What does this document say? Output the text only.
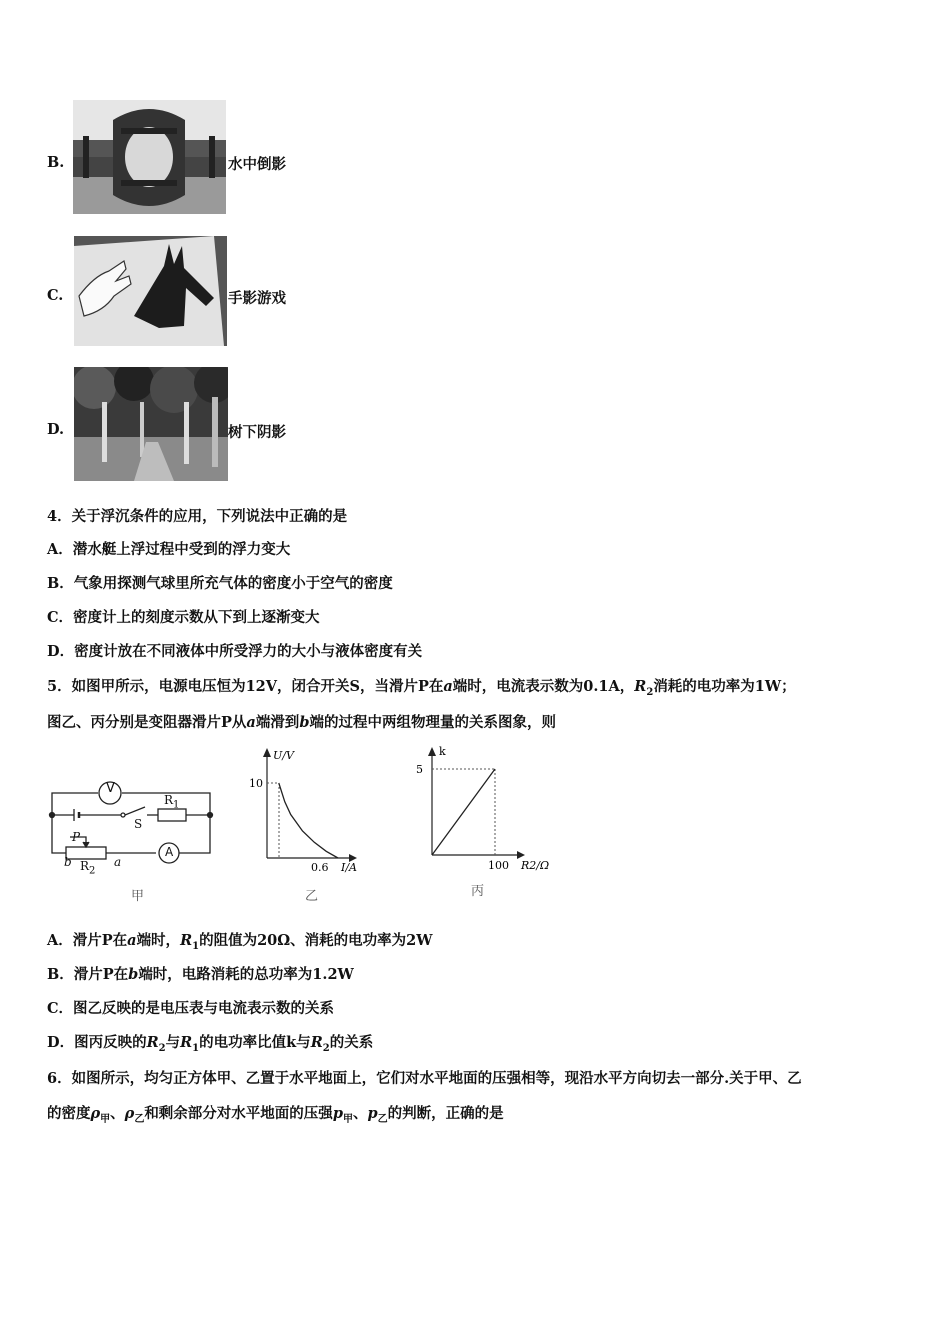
B.	水中倒影
C.	手影游戏
D.	树下阴影
4．关于浮沉条件的应用，下列说法中正确的是
A．潜水艇上浮过程中受到的浮力变大
B．气象用探测气球里所充气体的密度小于空气的密度
C．密度计上的刻度示数从下到上逐渐变大
D．密度计放在不同液体中所受浮力的大小与液体密度有关
5．如图甲所示，电源电压恒为12V，闭合开关S，当滑片P在a端时，电流表示数为0.1A，$R_2$消耗的电功率为1W；
图乙、丙分别是变阻器滑片P从a端滑到b端的过程中两组物理量的关系图象，则
V
A
S
$R_1$
$R_2$
P
a
b
甲
U/V
10
0.6 I/A
乙
k
5
100 R2/Ω
丙
A．滑片P在a端时，$R_1$的阻值为20Ω、消耗的电功率为2W
B．滑片P在b端时，电路消耗的总功率为1.2W
C．图乙反映的是电压表与电流表示数的关系
D．图丙反映的$R_2$与$R_1$的电功率比值k与$R_2$的关系
6．如图所示，均匀正方体甲、乙置于水平地面上，它们对水平地面的压强相等，现沿水平方向切去一部分.关于甲、乙
的密度$\rho_甲$、$\rho_乙$和剩余部分对水平地面的压强$p_甲$、$p_乙$的判断，正确的是
